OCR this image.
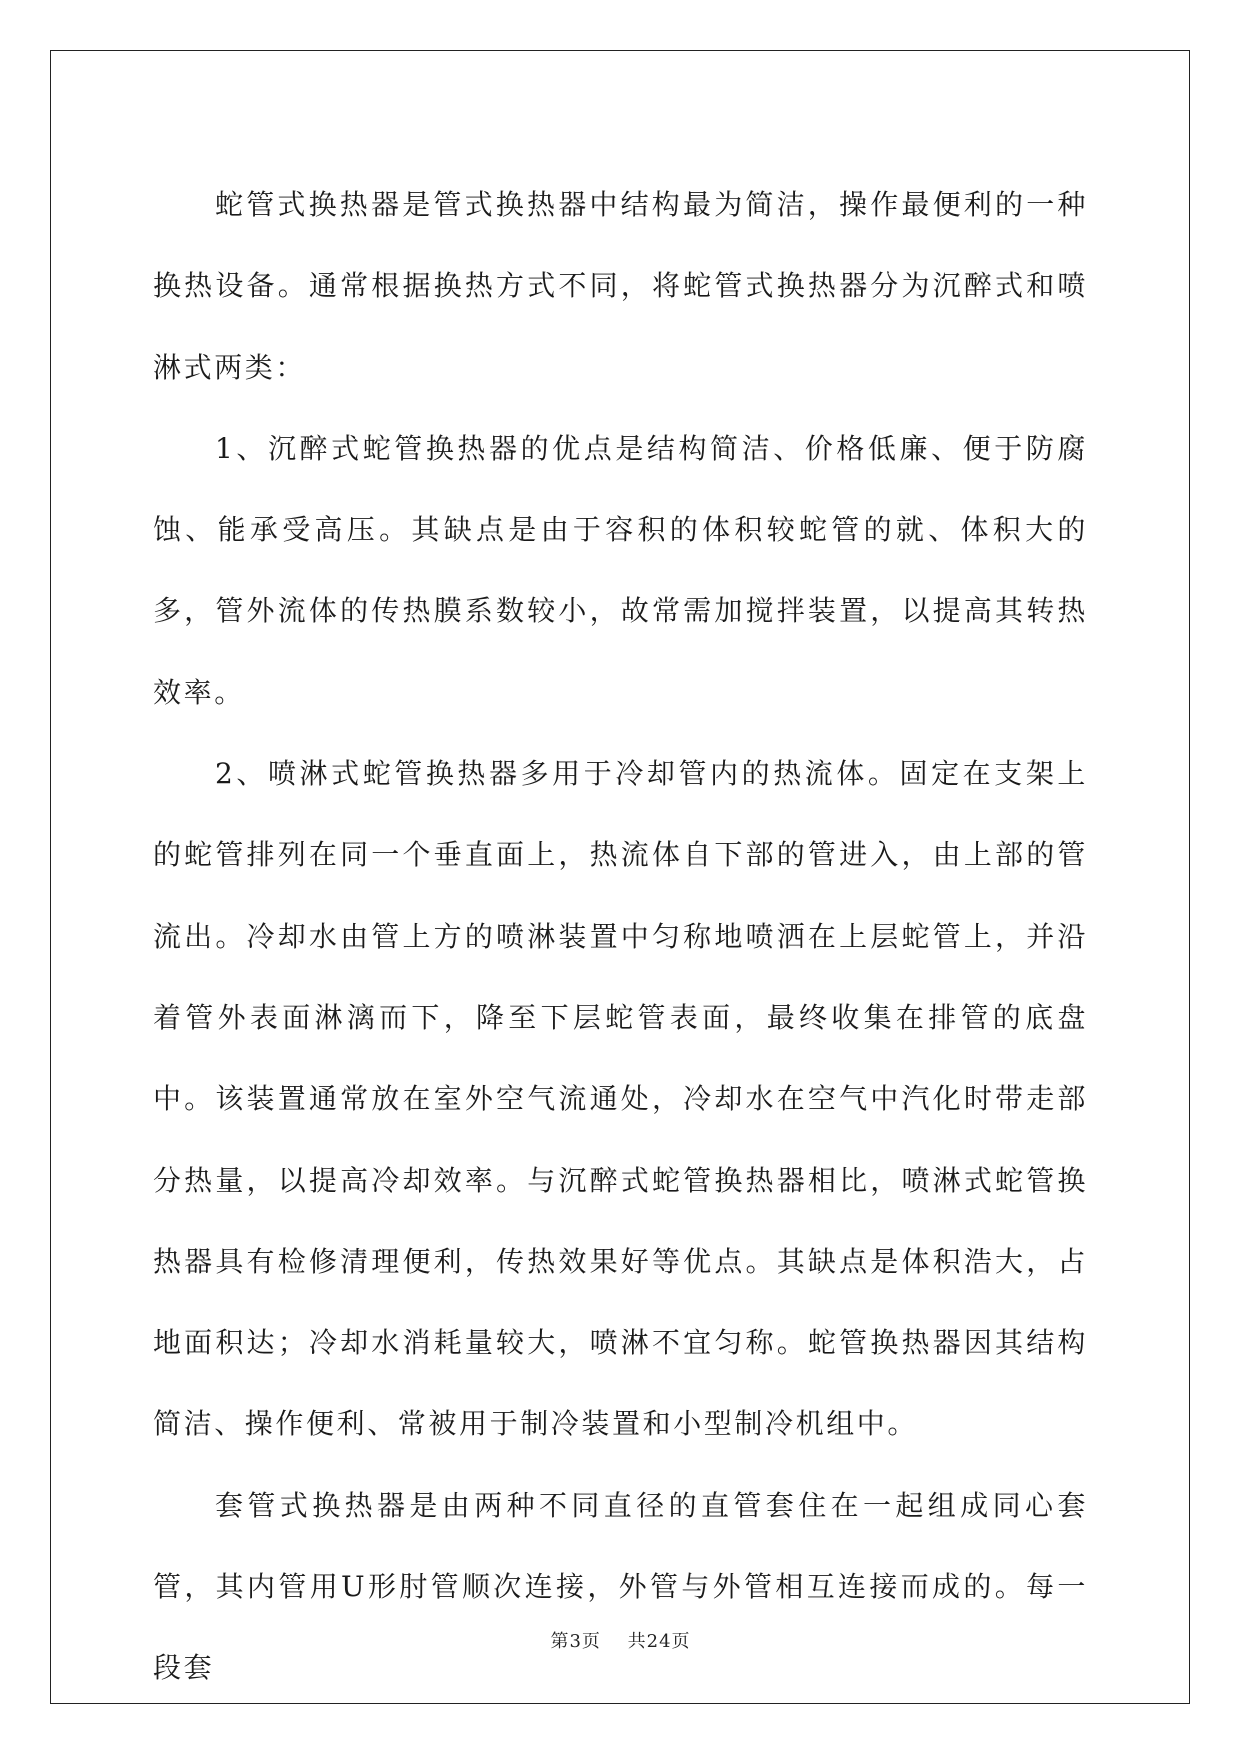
蛇管式换热器是管式换热器中结构最为简洁，操作最便利的一种换热设备。通常根据换热方式不同，将蛇管式换热器分为沉醉式和喷淋式两类：

1、沉醉式蛇管换热器的优点是结构简洁、价格低廉、便于防腐蚀、能承受高压。其缺点是由于容积的体积较蛇管的就、体积大的多，管外流体的传热膜系数较小，故常需加搅拌装置，以提高其转热效率。

2、喷淋式蛇管换热器多用于冷却管内的热流体。固定在支架上的蛇管排列在同一个垂直面上，热流体自下部的管进入，由上部的管流出。冷却水由管上方的喷淋装置中匀称地喷洒在上层蛇管上，并沿着管外表面淋漓而下，降至下层蛇管表面，最终收集在排管的底盘中。该装置通常放在室外空气流通处，冷却水在空气中汽化时带走部分热量，以提高冷却效率。与沉醉式蛇管换热器相比，喷淋式蛇管换热器具有检修清理便利，传热效果好等优点。其缺点是体积浩大，占地面积达；冷却水消耗量较大，喷淋不宜匀称。蛇管换热器因其结构简洁、操作便利、常被用于制冷装置和小型制冷机组中。

套管式换热器是由两种不同直径的直管套住在一起组成同心套管，其内管用U形肘管顺次连接，外管与外管相互连接而成的。每一段套

第3页 共24页
